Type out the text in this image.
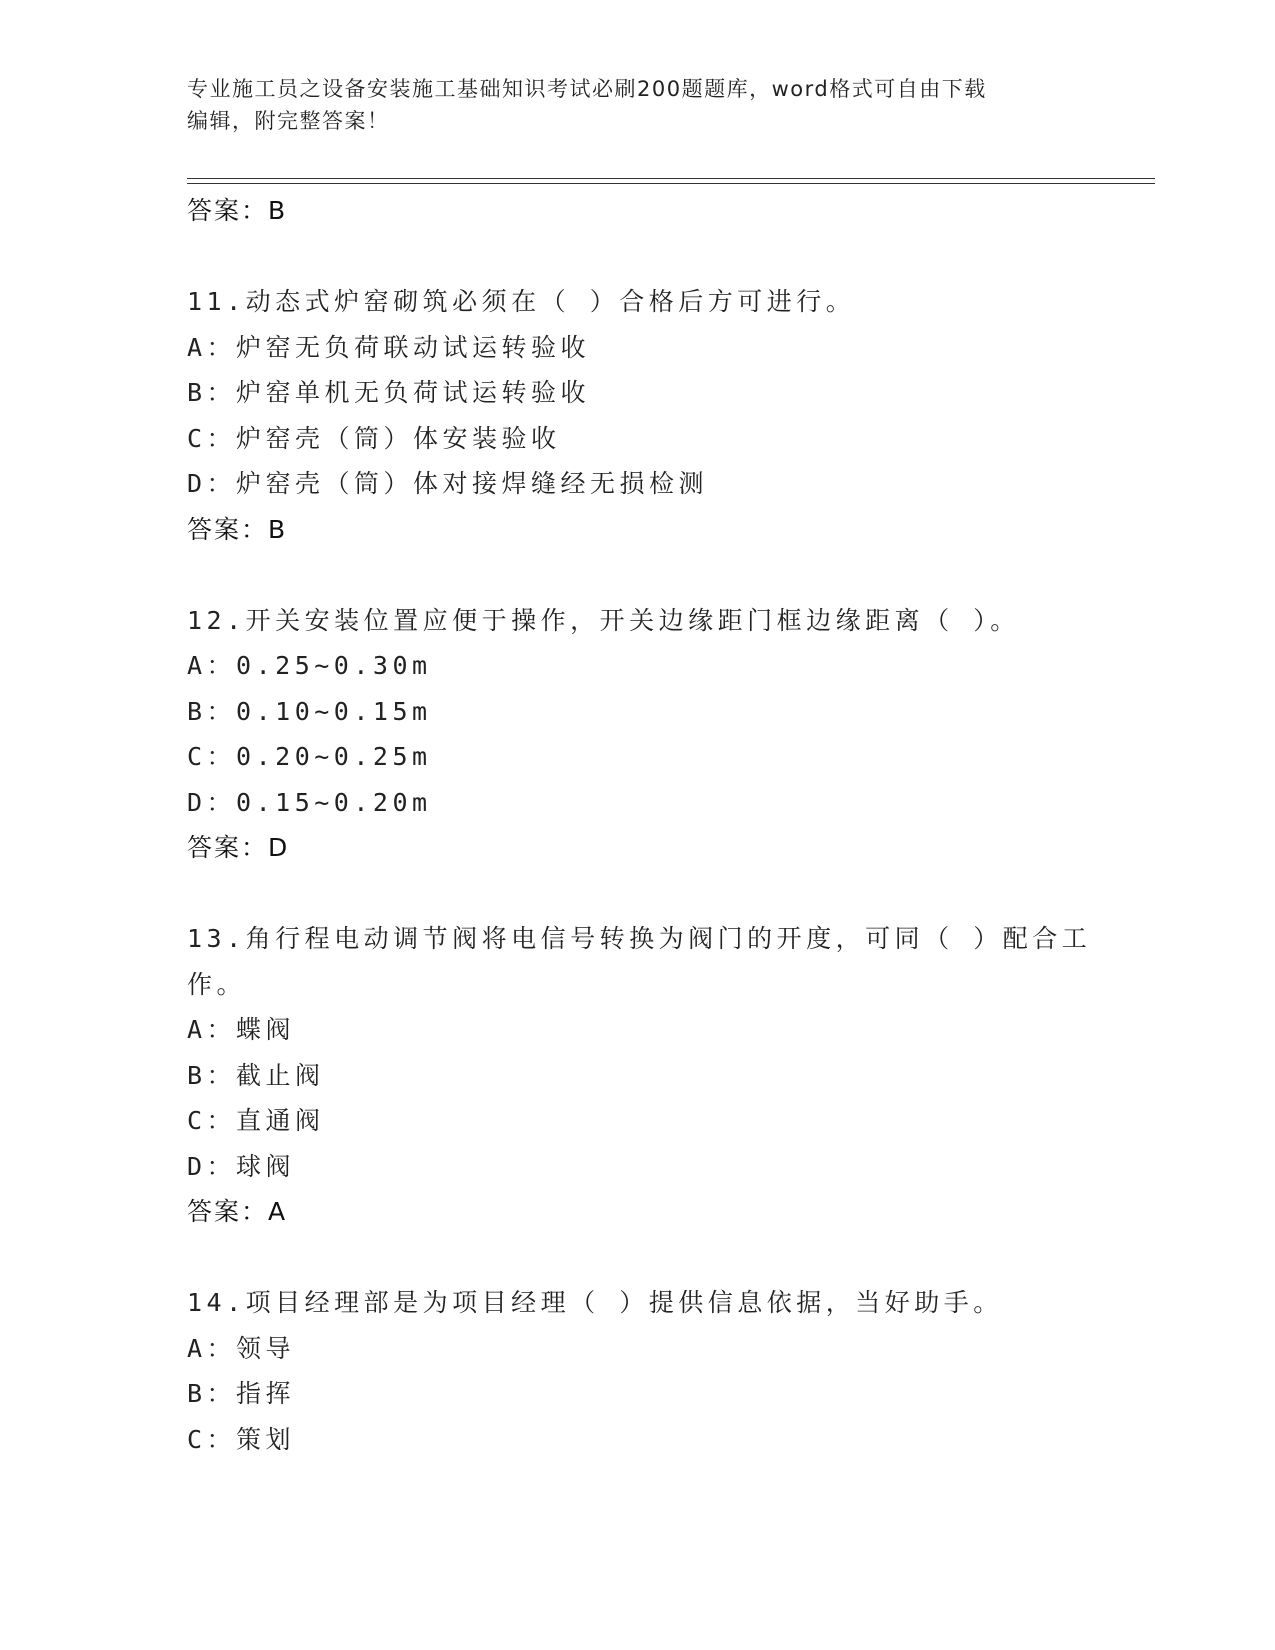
专业施工员之设备安装施工基础知识考试必刷200题题库，word格式可自由下载
编辑，附完整答案！
答案：B
11.动态式炉窑砌筑必须在（ ）合格后方可进行。
A：炉窑无负荷联动试运转验收
B：炉窑单机无负荷试运转验收
C：炉窑壳（筒）体安装验收
D：炉窑壳（筒）体对接焊缝经无损检测
答案：B
12.开关安装位置应便于操作，开关边缘距门框边缘距离（ ）。
A：0.25~0.30m
B：0.10~0.15m
C：0.20~0.25m
D：0.15~0.20m
答案：D
13.角行程电动调节阀将电信号转换为阀门的开度，可同（ ）配合工
作。
A：蝶阀
B：截止阀
C：直通阀
D：球阀
答案：A
14.项目经理部是为项目经理（ ）提供信息依据，当好助手。
A：领导
B：指挥
C：策划
